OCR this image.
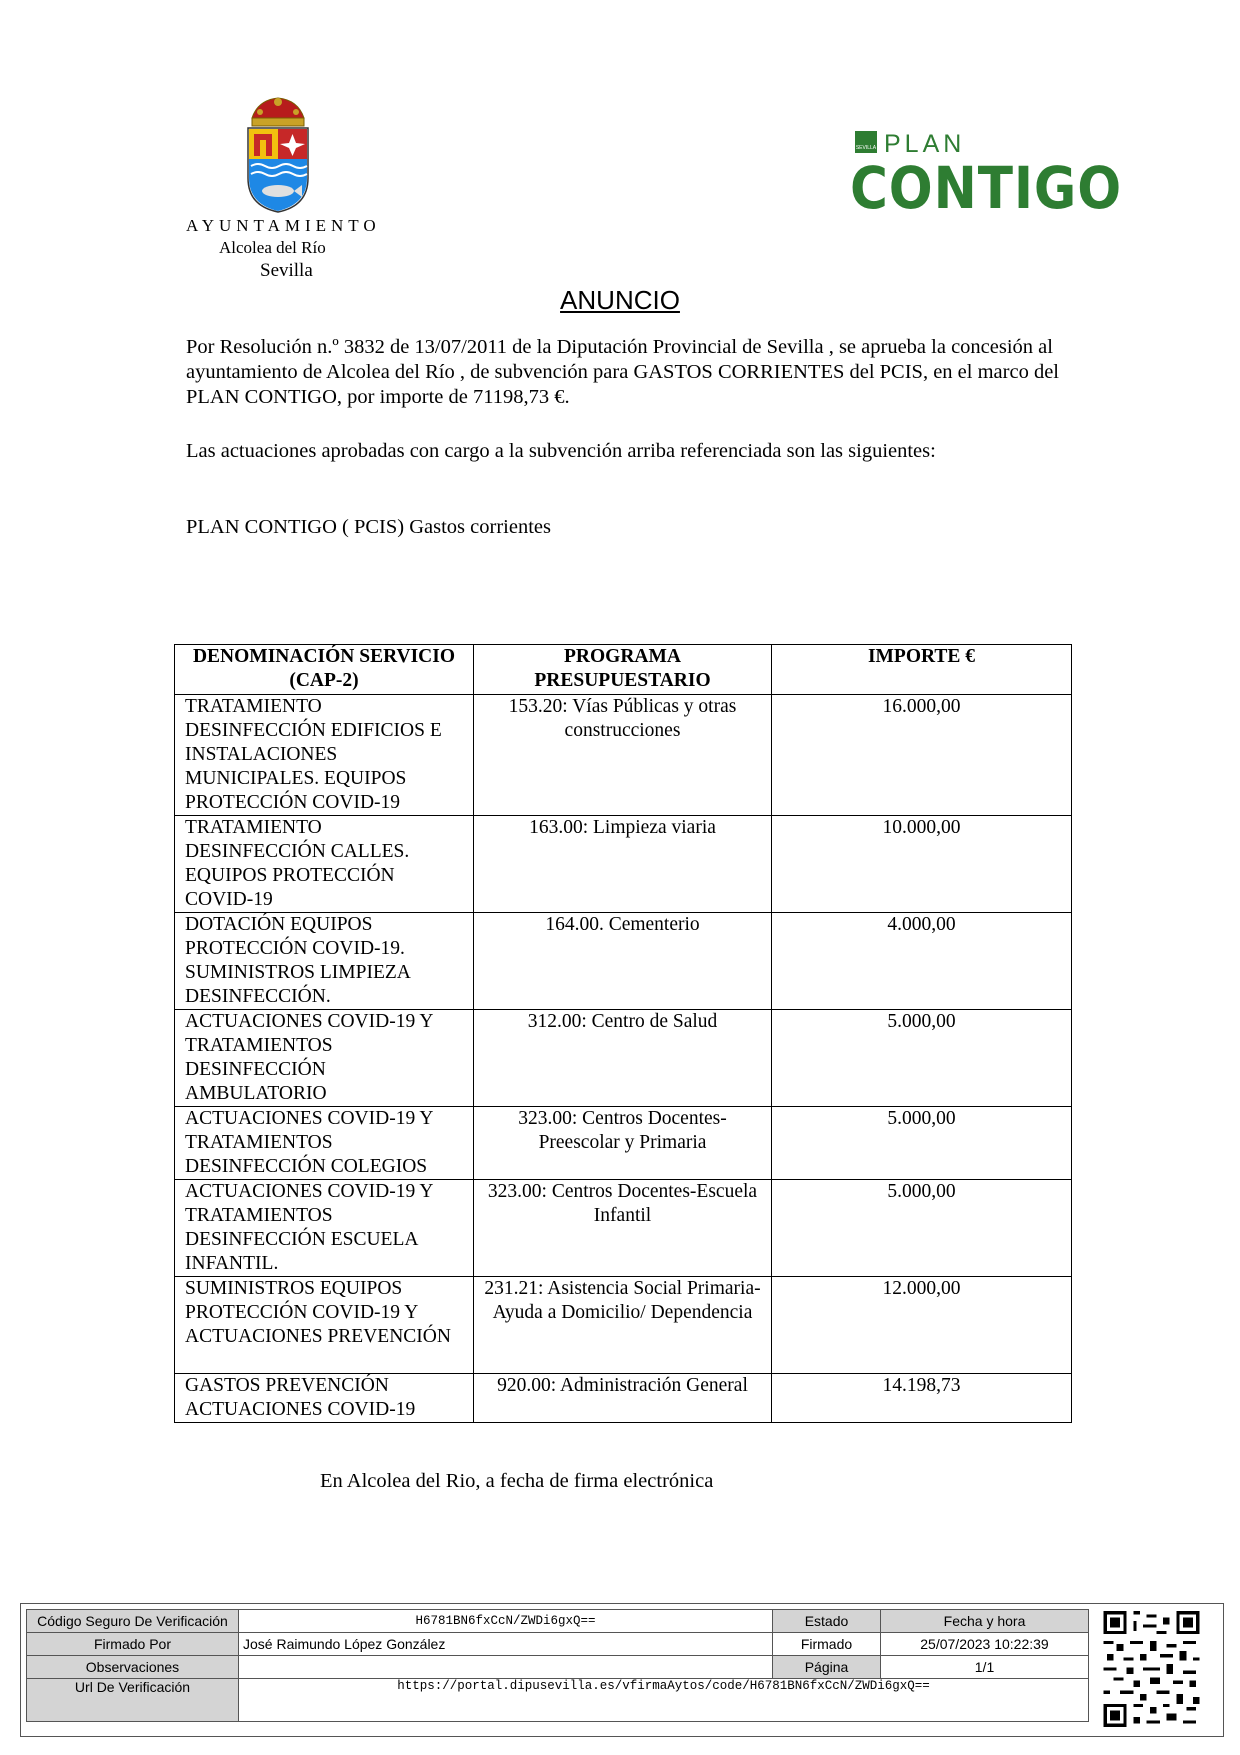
AYUNTAMIENTO
Alcolea del Río
Sevilla
SEVILLA PLAN
CONTIGO
ANUNCIO
Por Resolución n.º 3832 de 13/07/2011 de la Diputación Provincial de Sevilla , se aprueba la concesión al ayuntamiento de Alcolea del Río , de subvención para GASTOS CORRIENTES del PCIS, en el marco del PLAN CONTIGO, por importe de 71198,73 €.
Las actuaciones aprobadas con cargo a la subvención arriba referenciada son las siguientes:
PLAN CONTIGO ( PCIS) Gastos corrientes
DENOMINACIÓN SERVICIO (CAP-2)	PROGRAMA PRESUPUESTARIO	IMPORTE €
TRATAMIENTO DESINFECCIÓN EDIFICIOS E INSTALACIONES MUNICIPALES. EQUIPOS PROTECCIÓN COVID-19	153.20: Vías Públicas y otras construcciones	16.000,00
TRATAMIENTO DESINFECCIÓN CALLES. EQUIPOS PROTECCIÓN COVID-19	163.00: Limpieza viaria	10.000,00
DOTACIÓN EQUIPOS PROTECCIÓN COVID-19. SUMINISTROS LIMPIEZA DESINFECCIÓN.	164.00. Cementerio	4.000,00
ACTUACIONES COVID-19 Y TRATAMIENTOS DESINFECCIÓN AMBULATORIO	312.00: Centro de Salud	5.000,00
ACTUACIONES COVID-19 Y TRATAMIENTOS DESINFECCIÓN COLEGIOS	323.00: Centros Docentes-Preescolar y Primaria	5.000,00
ACTUACIONES COVID-19 Y TRATAMIENTOS DESINFECCIÓN ESCUELA INFANTIL.	323.00: Centros Docentes-Escuela Infantil	5.000,00
SUMINISTROS EQUIPOS PROTECCIÓN COVID-19 Y ACTUACIONES PREVENCIÓN	231.21: Asistencia Social Primaria- Ayuda a Domicilio/ Dependencia	12.000,00
GASTOS PREVENCIÓN ACTUACIONES COVID-19	920.00: Administración General	14.198,73
En Alcolea del Rio, a fecha de firma electrónica
Código Seguro De Verificación	H6781BN6fxCcN/ZWDi6gxQ==	Estado	Fecha y hora
Firmado Por	José Raimundo López González	Firmado	25/07/2023 10:22:39
Observaciones		Página	1/1
Url De Verificación	https://portal.dipusevilla.es/vfirmaAytos/code/H6781BN6fxCcN/ZWDi6gxQ==		
